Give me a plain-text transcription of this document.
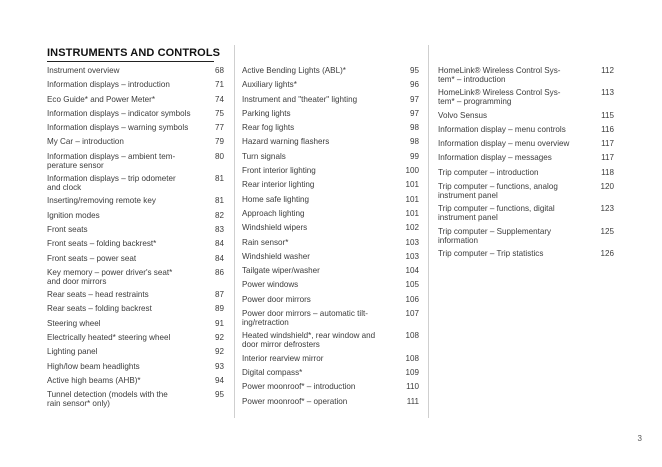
INSTRUMENTS AND CONTROLS
Instrument overview	68
Information displays – introduction	71
Eco Guide* and Power Meter*	74
Information displays – indicator symbols	75
Information displays – warning symbols	77
My Car – introduction	79
Information displays – ambient tem-
perature sensor
80
Information displays – trip odometer
and clock
81
Inserting/removing remote key	81
Ignition modes	82
Front seats	83
Front seats – folding backrest*	84
Front seats – power seat	84
Key memory – power driver's seat*
and door mirrors
86
Rear seats – head restraints	87
Rear seats – folding backrest	89
Steering wheel	91
Electrically heated* steering wheel	92
Lighting panel	92
High/low beam headlights	93
Active high beams (AHB)*	94
Tunnel detection (models with the
rain sensor* only)
95
Active Bending Lights (ABL)*	95
Auxiliary lights*	96
Instrument and "theater" lighting	97
Parking lights	97
Rear fog lights	98
Hazard warning flashers	98
Turn signals	99
Front interior lighting	100
Rear interior lighting	101
Home safe lighting	101
Approach lighting	101
Windshield wipers	102
Rain sensor*	103
Windshield washer	103
Tailgate wiper/washer	104
Power windows	105
Power door mirrors	106
Power door mirrors – automatic tilt-
ing/retraction
107
Heated windshield*, rear window and
door mirror defrosters
108
Interior rearview mirror	108
Digital compass*	109
Power moonroof* – introduction	110
Power moonroof* – operation	111
HomeLink® Wireless Control Sys-
tem* – introduction
112
HomeLink® Wireless Control Sys-
tem* – programming
113
Volvo Sensus	115
Information display – menu controls	116
Information display – menu overview	117
Information display – messages	117
Trip computer – introduction	118
Trip computer – functions, analog
instrument panel
120
Trip computer – functions, digital
instrument panel
123
Trip computer – Supplementary
information
125
Trip computer – Trip statistics	126
3
